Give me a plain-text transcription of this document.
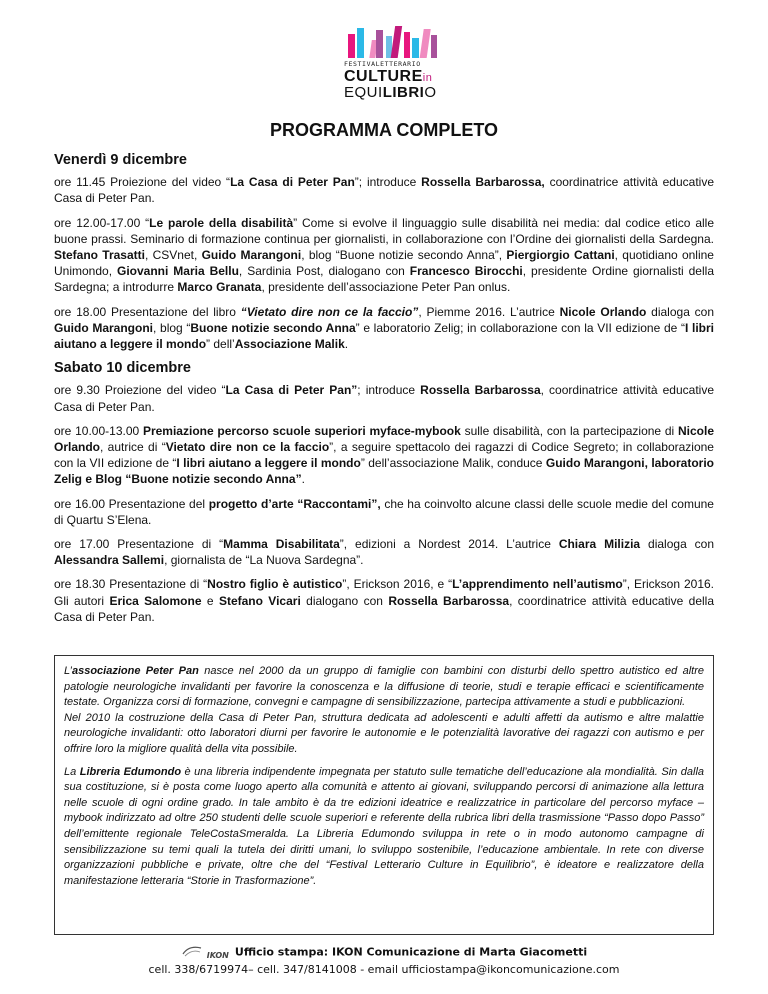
FESTIVALETTERARIO
CULTUREin
EQUILIBRIO
PROGRAMMA COMPLETO
Venerdì 9 dicembre

ore 11.45 Proiezione del video “La Casa di Peter Pan”; introduce Rossella Barbarossa, coordinatrice attività educative Casa di Peter Pan.

ore 12.00-17.00 “Le parole della disabilità” Come si evolve il linguaggio sulle disabilità nei media: dal codice etico alle buone prassi. Seminario di formazione continua per giornalisti, in collaborazione con l’Ordine dei giornalisti della Sardegna. Stefano Trasatti, CSVnet, Guido Marangoni, blog “Buone notizie secondo Anna”, Piergiorgio Cattani, quotidiano online Unimondo, Giovanni Maria Bellu, Sardinia Post, dialogano con Francesco Birocchi, presidente Ordine giornalisti della Sardegna; a introdurre Marco Granata, presidente dell’associazione Peter Pan onlus.

ore 18.00 Presentazione del libro “Vietato dire non ce la faccio”, Piemme 2016. L’autrice Nicole Orlando dialoga con Guido Marangoni, blog “Buone notizie secondo Anna” e laboratorio Zelig; in collaborazione con la VII edizione de “I libri aiutano a leggere il mondo” dell’Associazione Malik.

Sabato 10 dicembre

ore 9.30 Proiezione del video “La Casa di Peter Pan”; introduce Rossella Barbarossa, coordinatrice attività educative Casa di Peter Pan.

ore 10.00-13.00 Premiazione percorso scuole superiori myface-mybook sulle disabilità, con la partecipazione di Nicole Orlando, autrice di “Vietato dire non ce la faccio”, a seguire spettacolo dei ragazzi di Codice Segreto; in collaborazione con la VII edizione de “I libri aiutano a leggere il mondo” dell’associazione Malik, conduce Guido Marangoni, laboratorio Zelig e Blog “Buone notizie secondo Anna”.

ore 16.00 Presentazione del progetto d’arte “Raccontami”, che ha coinvolto alcune classi delle scuole medie del comune di Quartu S’Elena.

ore 17.00 Presentazione di “Mamma Disabilitata”, edizioni a Nordest 2014. L’autrice Chiara Milizia dialoga con Alessandra Sallemi, giornalista de “La Nuova Sardegna”.

ore 18.30 Presentazione di “Nostro figlio è autistico”, Erickson 2016, e “L’apprendimento nell’autismo”, Erickson 2016. Gli autori Erica Salomone e Stefano Vicari dialogano con Rossella Barbarossa, coordinatrice attività educative della Casa di Peter Pan.

L’associazione Peter Pan nasce nel 2000 da un gruppo di famiglie con bambini con disturbi dello spettro autistico ed altre patologie neurologiche invalidanti per favorire la conoscenza e la diffusione di teorie, studi e terapie efficaci e scientificamente testate. Organizza corsi di formazione, convegni e campagne di sensibilizzazione, partecipa attivamente a studi e pubblicazioni.
Nel 2010 la costruzione della Casa di Peter Pan, struttura dedicata ad adolescenti e adulti affetti da autismo e altre malattie neurologiche invalidanti: otto laboratori diurni per favorire le autonomie e le potenzialità lavorative dei ragazzi con autismo e per offrire loro la migliore qualità della vita possibile.

La Libreria Edumondo è una libreria indipendente impegnata per statuto sulle tematiche dell’educazione ala mondialità. Sin dalla sua costituzione, si è posta come luogo aperto alla comunità e attento ai giovani, sviluppando percorsi di animazione alla lettura nelle scuole di ogni ordine grado. In tale ambito è da tre edizioni ideatrice e realizzatrice in particolare del percorso myface – mybook indirizzato ad oltre 250 studenti delle scuole superiori e referente della rubrica libri della trasmissione “Passo dopo Passo” dell’emittente regionale TeleCostaSmeralda. La Libreria Edumondo sviluppa in rete o in modo autonomo campagne di sensibilizzazione su temi quali la tutela dei diritti umani, lo sviluppo sostenibile, l’educazione ambientale. In rete con diverse organizzazioni pubbliche e private, oltre che del “Festival Letterario Culture in Equilibrio”, è ideatore e realizzatore della manifestazione letteraria “Storie in Trasformazione”.

IKON Ufficio stampa: IKON Comunicazione di Marta Giacometti
cell. 338/6719974– cell. 347/8141008 - email ufficiostampa@ikoncomunicazione.com
